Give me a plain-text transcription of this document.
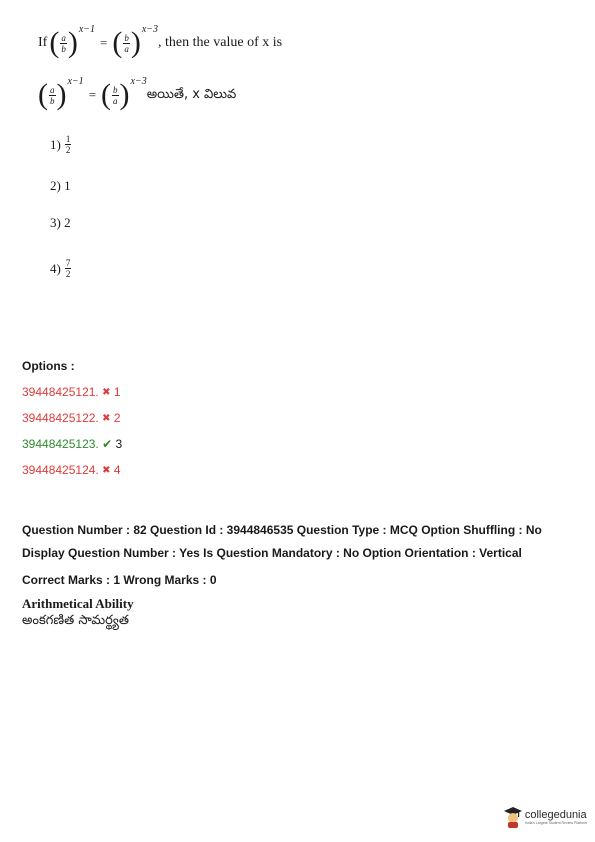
If ( $\frac{a}{b}$ ) x−1
= ( $\frac{b}{a}$ ) x−3
, then the value of x is
( $\frac{a}{b}$ ) x−1
= ( $\frac{b}{a}$ ) x−3
అయితే, x విలువ
$1) \frac{1}{2}$
2)
1
3)
2
$4) \frac{7}{2}$
Options :
39448425121.
✖
1
39448425122.
✖
2
39448425123.
✔
3
39448425124.
✖
4
Question Number : 82 Question Id : 3944846535 Question Type : MCQ Option Shuffling : No
Display Question Number : Yes Is Question Mandatory : No Option Orientation : Vertical
Correct Marks : 1 Wrong Marks : 0
Arithmetical Ability
అంకగణిత సామర్థ్యత
collegedunia
India's Largest Student Review Platform
